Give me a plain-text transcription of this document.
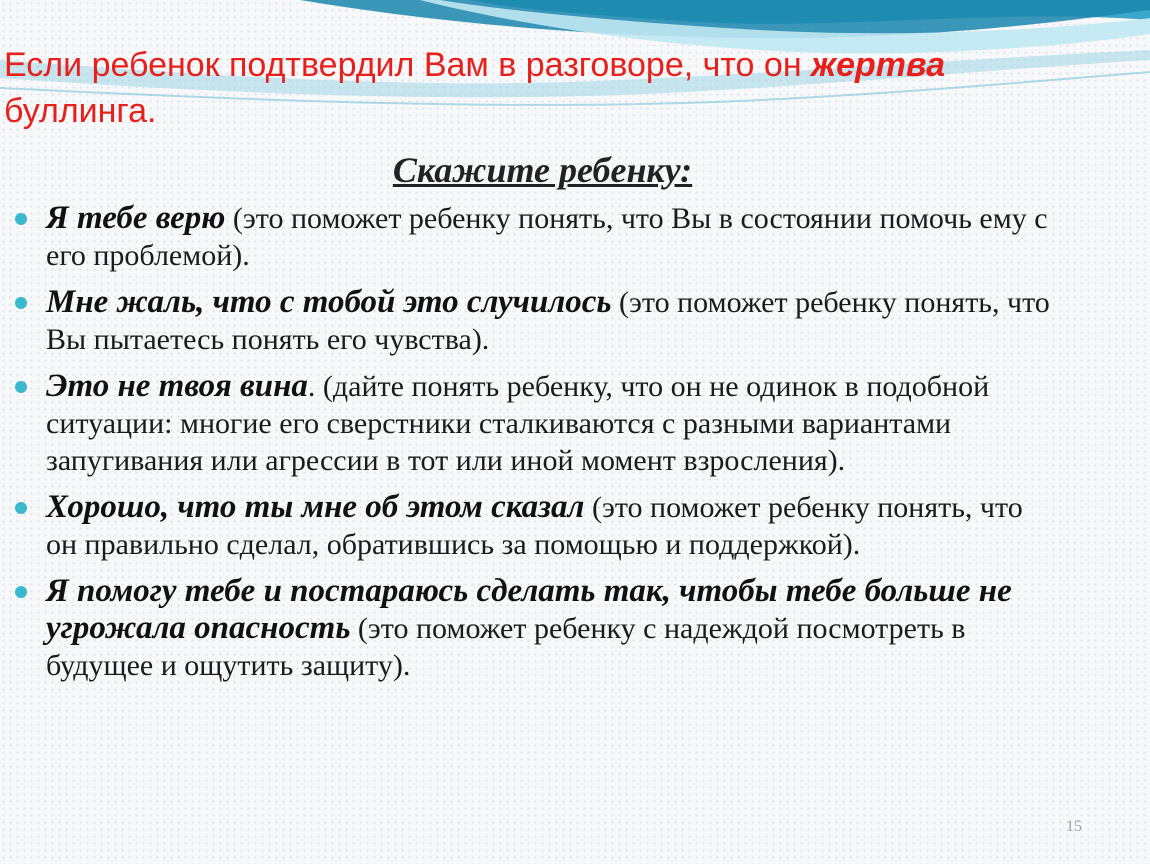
Если ребенок подтвердил Вам в разговоре, что он жертва
буллинга.
Скажите ребенку:
Я тебе верю (это поможет ребенку понять, что Вы в состоянии помочь ему с его проблемой).
Мне жаль, что с тобой это случилось (это поможет ребенку понять, что Вы пытаетесь понять его чувства).
Это не твоя вина. (дайте понять ребенку, что он не одинок в подобной ситуации: многие его сверстники сталкиваются с разными вариантами запугивания или агрессии в тот или иной момент взросления).
Хорошо, что ты мне об этом сказал (это поможет ребенку понять, что он правильно сделал, обратившись за помощью и поддержкой).
Я помогу тебе и постараюсь сделать так, чтобы тебе больше не угрожала опасность (это поможет ребенку с надеждой посмотреть в будущее и ощутить защиту).
15
